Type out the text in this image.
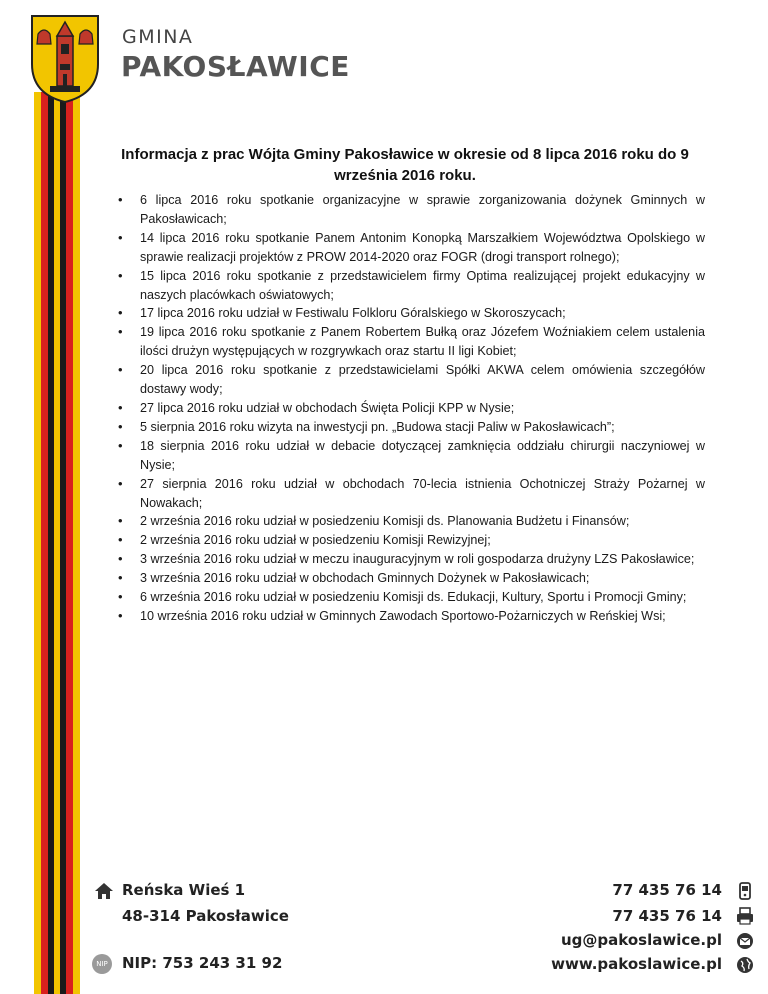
GMINA
PAKOSŁAWICE
Informacja z prac Wójta Gminy Pakosławice w okresie od 8 lipca 2016 roku do 9 września 2016 roku.
• 6 lipca 2016 roku spotkanie organizacyjne w sprawie zorganizowania dożynek Gminnych w Pakosławicach;
• 14 lipca 2016 roku spotkanie Panem Antonim Konopką Marszałkiem Województwa Opolskiego w sprawie realizacji projektów z PROW 2014-2020 oraz FOGR (drogi transport rolnego);
• 15 lipca 2016 roku spotkanie z przedstawicielem firmy Optima realizującej projekt edukacyjny w naszych placówkach oświatowych;
• 17 lipca 2016 roku udział w Festiwalu Folkloru Góralskiego w Skoroszycach;
• 19 lipca 2016 roku spotkanie z Panem Robertem Bułką oraz Józefem Woźniakiem celem ustalenia ilości drużyn występujących w rozgrywkach oraz startu II ligi Kobiet;
• 20 lipca 2016 roku spotkanie z przedstawicielami Spółki AKWA celem omówienia szczegółów dostawy wody;
• 27 lipca 2016 roku udział w obchodach Święta Policji KPP w Nysie;
• 5 sierpnia 2016 roku wizyta na inwestycji pn. „Budowa stacji Paliw w Pakosławicach”;
• 18 sierpnia 2016 roku udział w debacie dotyczącej zamknięcia oddziału chirurgii naczyniowej w Nysie;
• 27 sierpnia 2016 roku udział w obchodach 70-lecia istnienia Ochotniczej Straży Pożarnej w Nowakach;
• 2 września 2016 roku udział w posiedzeniu Komisji ds. Planowania Budżetu i Finansów;
• 2 września 2016 roku udział w posiedzeniu Komisji Rewizyjnej;
• 3 września 2016 roku udział w meczu inauguracyjnym w roli gospodarza drużyny LZS Pakosławice;
• 3 września 2016 roku udział w obchodach Gminnych Dożynek w Pakosławicach;
• 6 września 2016 roku udział w posiedzeniu Komisji ds. Edukacji, Kultury, Sportu i Promocji Gminy;
• 10 września 2016 roku udział w Gminnych Zawodach Sportowo-Pożarniczych w Reńskiej Wsi;
Reńska Wieś 1
48-314 Pakosławice
NIP NIP: 753 243 31 92
77 435 76 14
77 435 76 14
ug@pakoslawice.pl
www.pakoslawice.pl
